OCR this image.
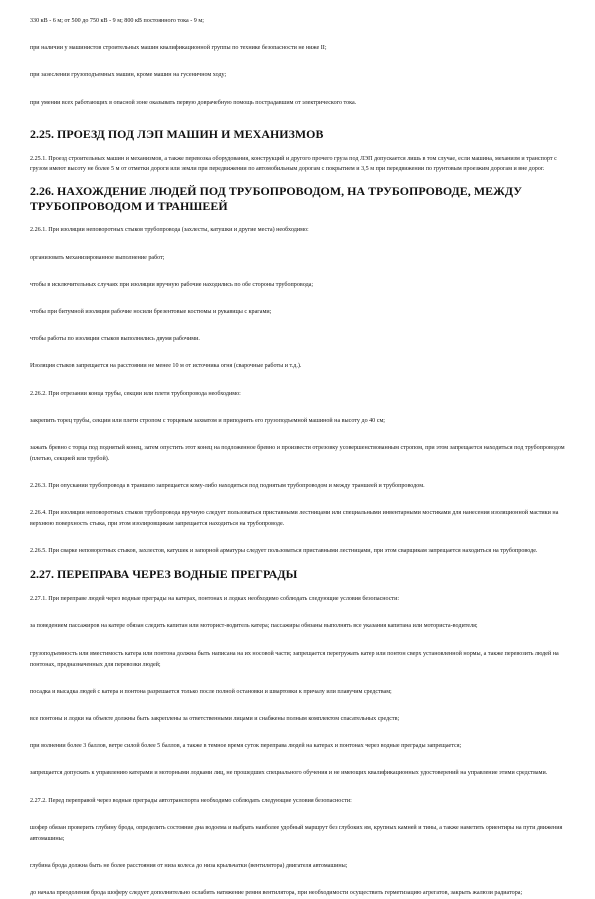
330 кВ - 6 м; от 500 до 750 кВ - 9 м; 800 кВ постоянного тока - 9 м;

при наличии у машинистов строительных машин квалификационной группы по технике безопасности не ниже II;

при зазеслении грузоподъемных машин, кроме машин на гусеничном ходу;

при умении всех работающих в опасной зоне оказывать первую доврачебную помощь пострадавшим от электрического тока.

2.25. ПРОЕЗД ПОД ЛЭП МАШИН И МЕХАНИЗМОВ

2.25.1. Проезд строительных машин и механизмов, а также перевозка оборудования, конструкций и другого прочего груза под ЛЭП допускается лишь в том случае, если машина, механизм и транспорт с грузом имеют высоту не более 5 м от отметки дороги или земли при передвижении по автомобильным дорогам с покрытием и 3,5 м при передвижении по грунтовым проезжим дорогам и вне дорог.

2.26. НАХОЖДЕНИЕ ЛЮДЕЙ ПОД ТРУБОПРОВОДОМ, НА ТРУБОПРОВОДЕ, МЕЖДУ ТРУБОПРОВОДОМ И ТРАНШЕЕЙ

2.26.1. При изоляции неповоротных стыков трубопровода (захлесты, катушки и другие места) необходимо:

организовать механизированное выполнение работ;

чтобы в исключительных случаях при изоляции вручную рабочие находились по обе стороны трубопровода;

чтобы при битумной изоляции рабочие носили брезентовые костюмы и рукавицы с крагами;

чтобы работы по изоляции стыков выполнялись двумя рабочими.

Изоляция стыков запрещается на расстоянии не менее 10 м от источника огня (сварочные работы и т.д.).

2.26.2. При отрезании конца трубы, секции или плети трубопровода необходимо:

закрепить торец трубы, секции или плети стропом с торцевым захватом и приподнять его грузоподъемной машиной на высоту до 40 см;

зажать бревно с торца под поднятый конец, затем опустить этот конец на подложенное бревно и произвести отрезовку усовершенствованным стропом, при этом запрещается находиться под трубопроводом (плетью, секцией или трубой).

2.26.3. При опускании трубопровода в траншею запрещается кому-либо находиться под поднятым трубопроводом и между траншеей и трубопроводом.

2.26.4. При изоляции неповоротных стыков трубопровода вручную следует пользоваться приставными лестницами или специальными инвентарными мостиками для нанесения изоляционной мастики на верхнюю поверхность стыка, при этом изолировщикам запрещается находиться на трубопроводе.

2.26.5. При сварке неповоротных стыков, захлестов, катушек и запорной арматуры следует пользоваться приставными лестницами, при этом сварщикам запрещается находиться на трубопроводе.

2.27. ПЕРЕПРАВА ЧЕРЕЗ ВОДНЫЕ ПРЕГРАДЫ

2.27.1. При переправе людей через водные преграды на катерах, понтонах и лодках необходимо соблюдать следующие условия безопасности:

за поведением пассажиров на катере обязан следить капитан или моторист-водитель катера; пассажиры обязаны выполнять все указания капитана или моториста-водителя;

грузоподъемность или вместимость катера или понтона должна быть написана на их носовой части; запрещается перегружать катер или понтон сверх установленной нормы, а также перевозить людей на понтонах, предназначенных для перевозки людей;

посадка и высадка людей с катера и понтона разрешается только после полной остановки и швартовки к причалу или плавучим средствам;

все понтоны и лодки на объекте должны быть закреплены за ответственными лицами и снабжены полным комплектом спасательных средств;

при волнении более 3 баллов, ветре силой более 5 баллов, а также в темное время суток переправа людей на катерах и понтонах через водные преграды запрещается;

запрещается допускать к управлению катерами и моторными лодками лиц, не прошедших специального обучения и не имеющих квалификационных удостоверений на управление этими средствами.

2.27.2. Перед переправой через водные преграды автотранспорта необходимо соблюдать следующие условия безопасности:

шофер обязан проверить глубину брода, определить состояние дна водоема и выбрать наиболее удобный маршрут без глубоких ям, крупных камней и тины, а также наметить ориентиры на пути движения автомашины;

глубина брода должна быть не более расстояния от низа колеса до низа крыльчатки (вентилятора) двигателя автомашины;

до начала преодоления брода шоферу следует дополнительно ослабить натяжение ремня вентилятора, при необходимости осуществить герметизацию агрегатов, закрыть жалюзи радиатора;
